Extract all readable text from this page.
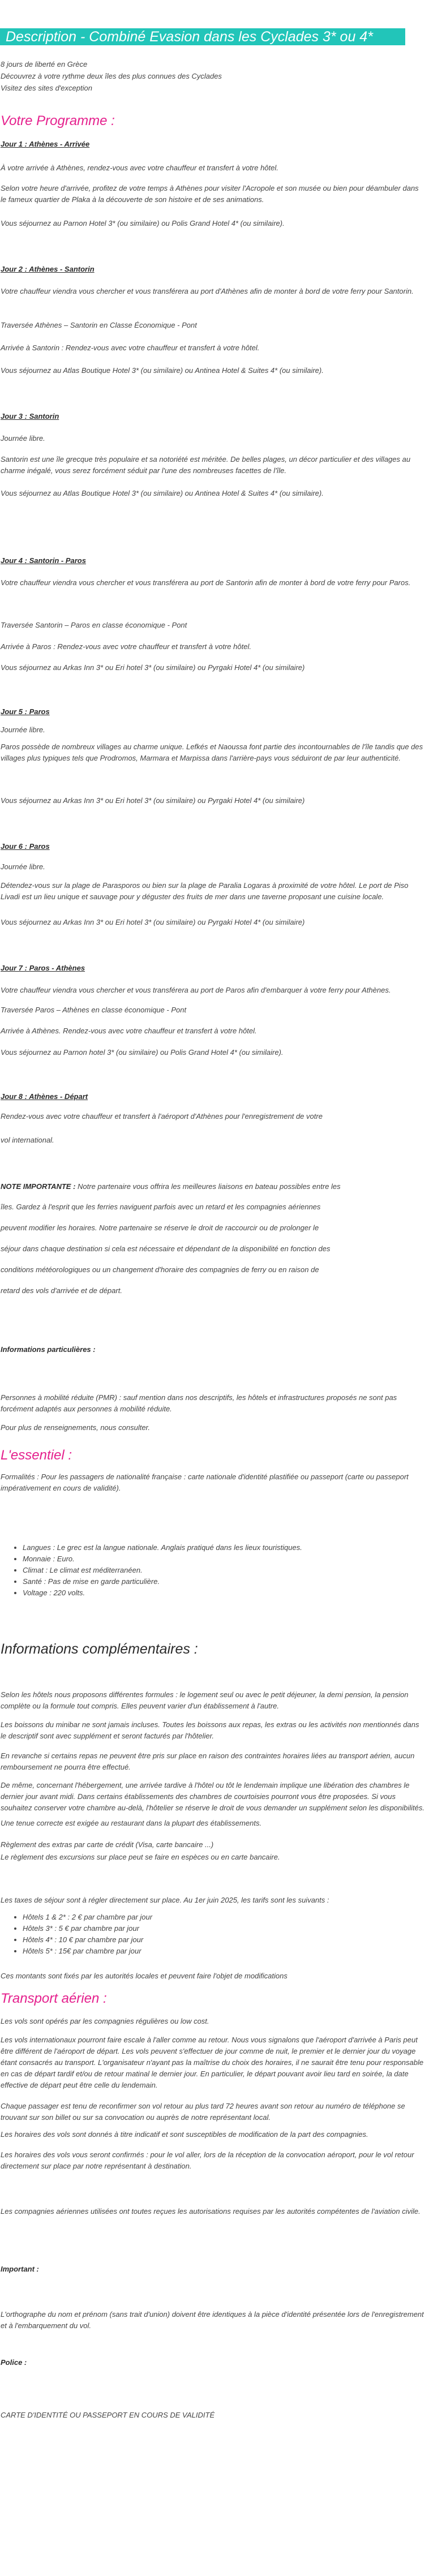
Description - Combiné Evasion dans les Cyclades 3* ou 4*
8 jours de liberté en Grèce
Découvrez à votre rythme deux îles des plus connues des Cyclades
Visitez des sites d'exception
Votre Programme :
Jour 1 : Athènes - Arrivée
À votre arrivée à Athènes, rendez-vous avec votre chauffeur et transfert à votre hôtel.
Selon votre heure d'arrivée, profitez de votre temps à Athènes pour visiter l'Acropole et son musée ou bien pour déambuler dans le fameux quartier de Plaka à la découverte de son histoire et de ses animations.
Vous séjournez au Parnon Hotel 3* (ou similaire) ou Polis Grand Hotel 4* (ou similaire).
Jour 2 : Athènes - Santorin
Votre chauffeur viendra vous chercher et vous transférera au port d'Athènes afin de monter à bord de votre ferry pour Santorin.
Traversée Athènes – Santorin en Classe Économique - Pont
Arrivée à Santorin : Rendez-vous avec votre chauffeur et transfert à votre hôtel.
Vous séjournez au Atlas Boutique Hotel 3* (ou similaire) ou Antinea Hotel & Suites 4* (ou similaire).
Jour 3 : Santorin
Journée libre.
Santorin est une île grecque très populaire et sa notoriété est méritée. De belles plages, un décor particulier et des villages au charme inégalé, vous serez forcément séduit par l'une des nombreuses facettes de l'île.
Vous séjournez au Atlas Boutique Hotel 3* (ou similaire) ou Antinea Hotel & Suites 4* (ou similaire).
Jour 4 : Santorin - Paros
Votre chauffeur viendra vous chercher et vous transférera au port de Santorin afin de monter à bord de votre ferry pour Paros.
Traversée Santorin – Paros en classe économique - Pont
Arrivée à Paros : Rendez-vous avec votre chauffeur et transfert à votre hôtel.
Vous séjournez au Arkas Inn 3* ou Eri hotel 3* (ou similaire) ou Pyrgaki Hotel 4* (ou similaire)
Jour 5 : Paros
Journée libre.
Paros possède de nombreux villages au charme unique. Lefkés et Naoussa font partie des incontournables de l'île tandis que des villages plus typiques tels que Prodromos, Marmara et Marpissa dans l'arrière-pays vous séduiront de par leur authenticité.
Vous séjournez au Arkas Inn 3* ou Eri hotel 3* (ou similaire) ou Pyrgaki Hotel 4* (ou similaire)
Jour 6 : Paros
Journée libre.
Détendez-vous sur la plage de Parasporos ou bien sur la plage de Paralia Logaras à proximité de votre hôtel. Le port de Piso Livadi est un lieu unique et sauvage pour y déguster des fruits de mer dans une taverne proposant une cuisine locale.
Vous séjournez au Arkas Inn 3* ou Eri hotel 3* (ou similaire) ou Pyrgaki Hotel 4* (ou similaire)
Jour 7 : Paros - Athènes
Votre chauffeur viendra vous chercher et vous transférera au port de Paros afin d'embarquer à votre ferry pour Athènes.
Traversée Paros – Athènes en classe économique - Pont
Arrivée à Athènes. Rendez-vous avec votre chauffeur et transfert à votre hôtel.
Vous séjournez au Parnon hotel 3* (ou similaire) ou Polis Grand Hotel 4* (ou similaire).
Jour 8 : Athènes - Départ
Rendez-vous avec votre chauffeur et transfert à l'aéroport d'Athènes pour l'enregistrement de votre
vol international.
NOTE IMPORTANTE : Notre partenaire vous offrira les meilleures liaisons en bateau possibles entre les
îles. Gardez à l'esprit que les ferries naviguent parfois avec un retard et les compagnies aériennes
peuvent modifier les horaires. Notre partenaire se réserve le droit de raccourcir ou de prolonger le
séjour dans chaque destination si cela est nécessaire et dépendant de la disponibilité en fonction des
conditions météorologiques ou un changement d'horaire des compagnies de ferry ou en raison de
retard des vols d'arrivée et de départ.
Informations particulières :
Personnes à mobilité réduite (PMR) : sauf mention dans nos descriptifs, les hôtels et infrastructures proposés ne sont pas forcément adaptés aux personnes à mobilité réduite.
Pour plus de renseignements, nous consulter.
L'essentiel :
Formalités : Pour les passagers de nationalité française : carte nationale d'identité plastifiée ou passeport (carte ou passeport impérativement en cours de validité).
• Langues : Le grec est la langue nationale. Anglais pratiqué dans les lieux touristiques.
• Monnaie : Euro.
• Climat : Le climat est méditerranéen.
• Santé : Pas de mise en garde particulière.
• Voltage : 220 volts.
Informations complémentaires :
Selon les hôtels nous proposons différentes formules : le logement seul ou avec le petit déjeuner, la demi pension, la pension complète ou la formule tout compris. Elles peuvent varier d'un établissement à l'autre.
Les boissons du minibar ne sont jamais incluses. Toutes les boissons aux repas, les extras ou les activités non mentionnés dans le descriptif sont avec supplément et seront facturés par l'hôtelier.
En revanche si certains repas ne peuvent être pris sur place en raison des contraintes horaires liées au transport aérien, aucun remboursement ne pourra être effectué.
De même, concernant l'hébergement, une arrivée tardive à l'hôtel ou tôt le lendemain implique une libération des chambres le dernier jour avant midi. Dans certains établissements des chambres de courtoisies pourront vous être proposées. Si vous souhaitez conserver votre chambre au-delà, l'hôtelier se réserve le droit de vous demander un supplément selon les disponibilités.
Une tenue correcte est exigée au restaurant dans la plupart des établissements.
Règlement des extras par carte de crédit (Visa, carte bancaire ...)
Le règlement des excursions sur place peut se faire en espèces ou en carte bancaire.
Les taxes de séjour sont à régler directement sur place. Au 1er juin 2025, les tarifs sont les suivants :
• Hôtels 1 & 2* : 2 € par chambre par jour
• Hôtels 3* : 5 € par chambre par jour
• Hôtels 4* : 10 € par chambre par jour
• Hôtels 5* : 15€ par chambre par jour
Ces montants sont fixés par les autorités locales et peuvent faire l'objet de modifications
Transport aérien :
Les vols sont opérés par les compagnies régulières ou low cost.
Les vols internationaux pourront faire escale à l'aller comme au retour. Nous vous signalons que l'aéroport d'arrivée à Paris peut être différent de l'aéroport de départ. Les vols peuvent s'effectuer de jour comme de nuit, le premier et le dernier jour du voyage étant consacrés au transport. L'organisateur n'ayant pas la maîtrise du choix des horaires, il ne saurait être tenu pour responsable en cas de départ tardif et/ou de retour matinal le dernier jour. En particulier, le départ pouvant avoir lieu tard en soirée, la date effective de départ peut être celle du lendemain.
Chaque passager est tenu de reconfirmer son vol retour au plus tard 72 heures avant son retour au numéro de téléphone se trouvant sur son billet ou sur sa convocation ou auprès de notre représentant local.
Les horaires des vols sont donnés à titre indicatif et sont susceptibles de modification de la part des compagnies.
Les horaires des vols vous seront confirmés : pour le vol aller, lors de la réception de la convocation aéroport, pour le vol retour directement sur place par notre représentant à destination.
Les compagnies aériennes utilisées ont toutes reçues les autorisations requises par les autorités compétentes de l'aviation civile.
Important :
L'orthographe du nom et prénom (sans trait d'union) doivent être identiques à la pièce d'identité présentée lors de l'enregistrement et à l'embarquement du vol.
Police :
CARTE D'IDENTITÉ OU PASSEPORT EN COURS DE VALIDITÉ
